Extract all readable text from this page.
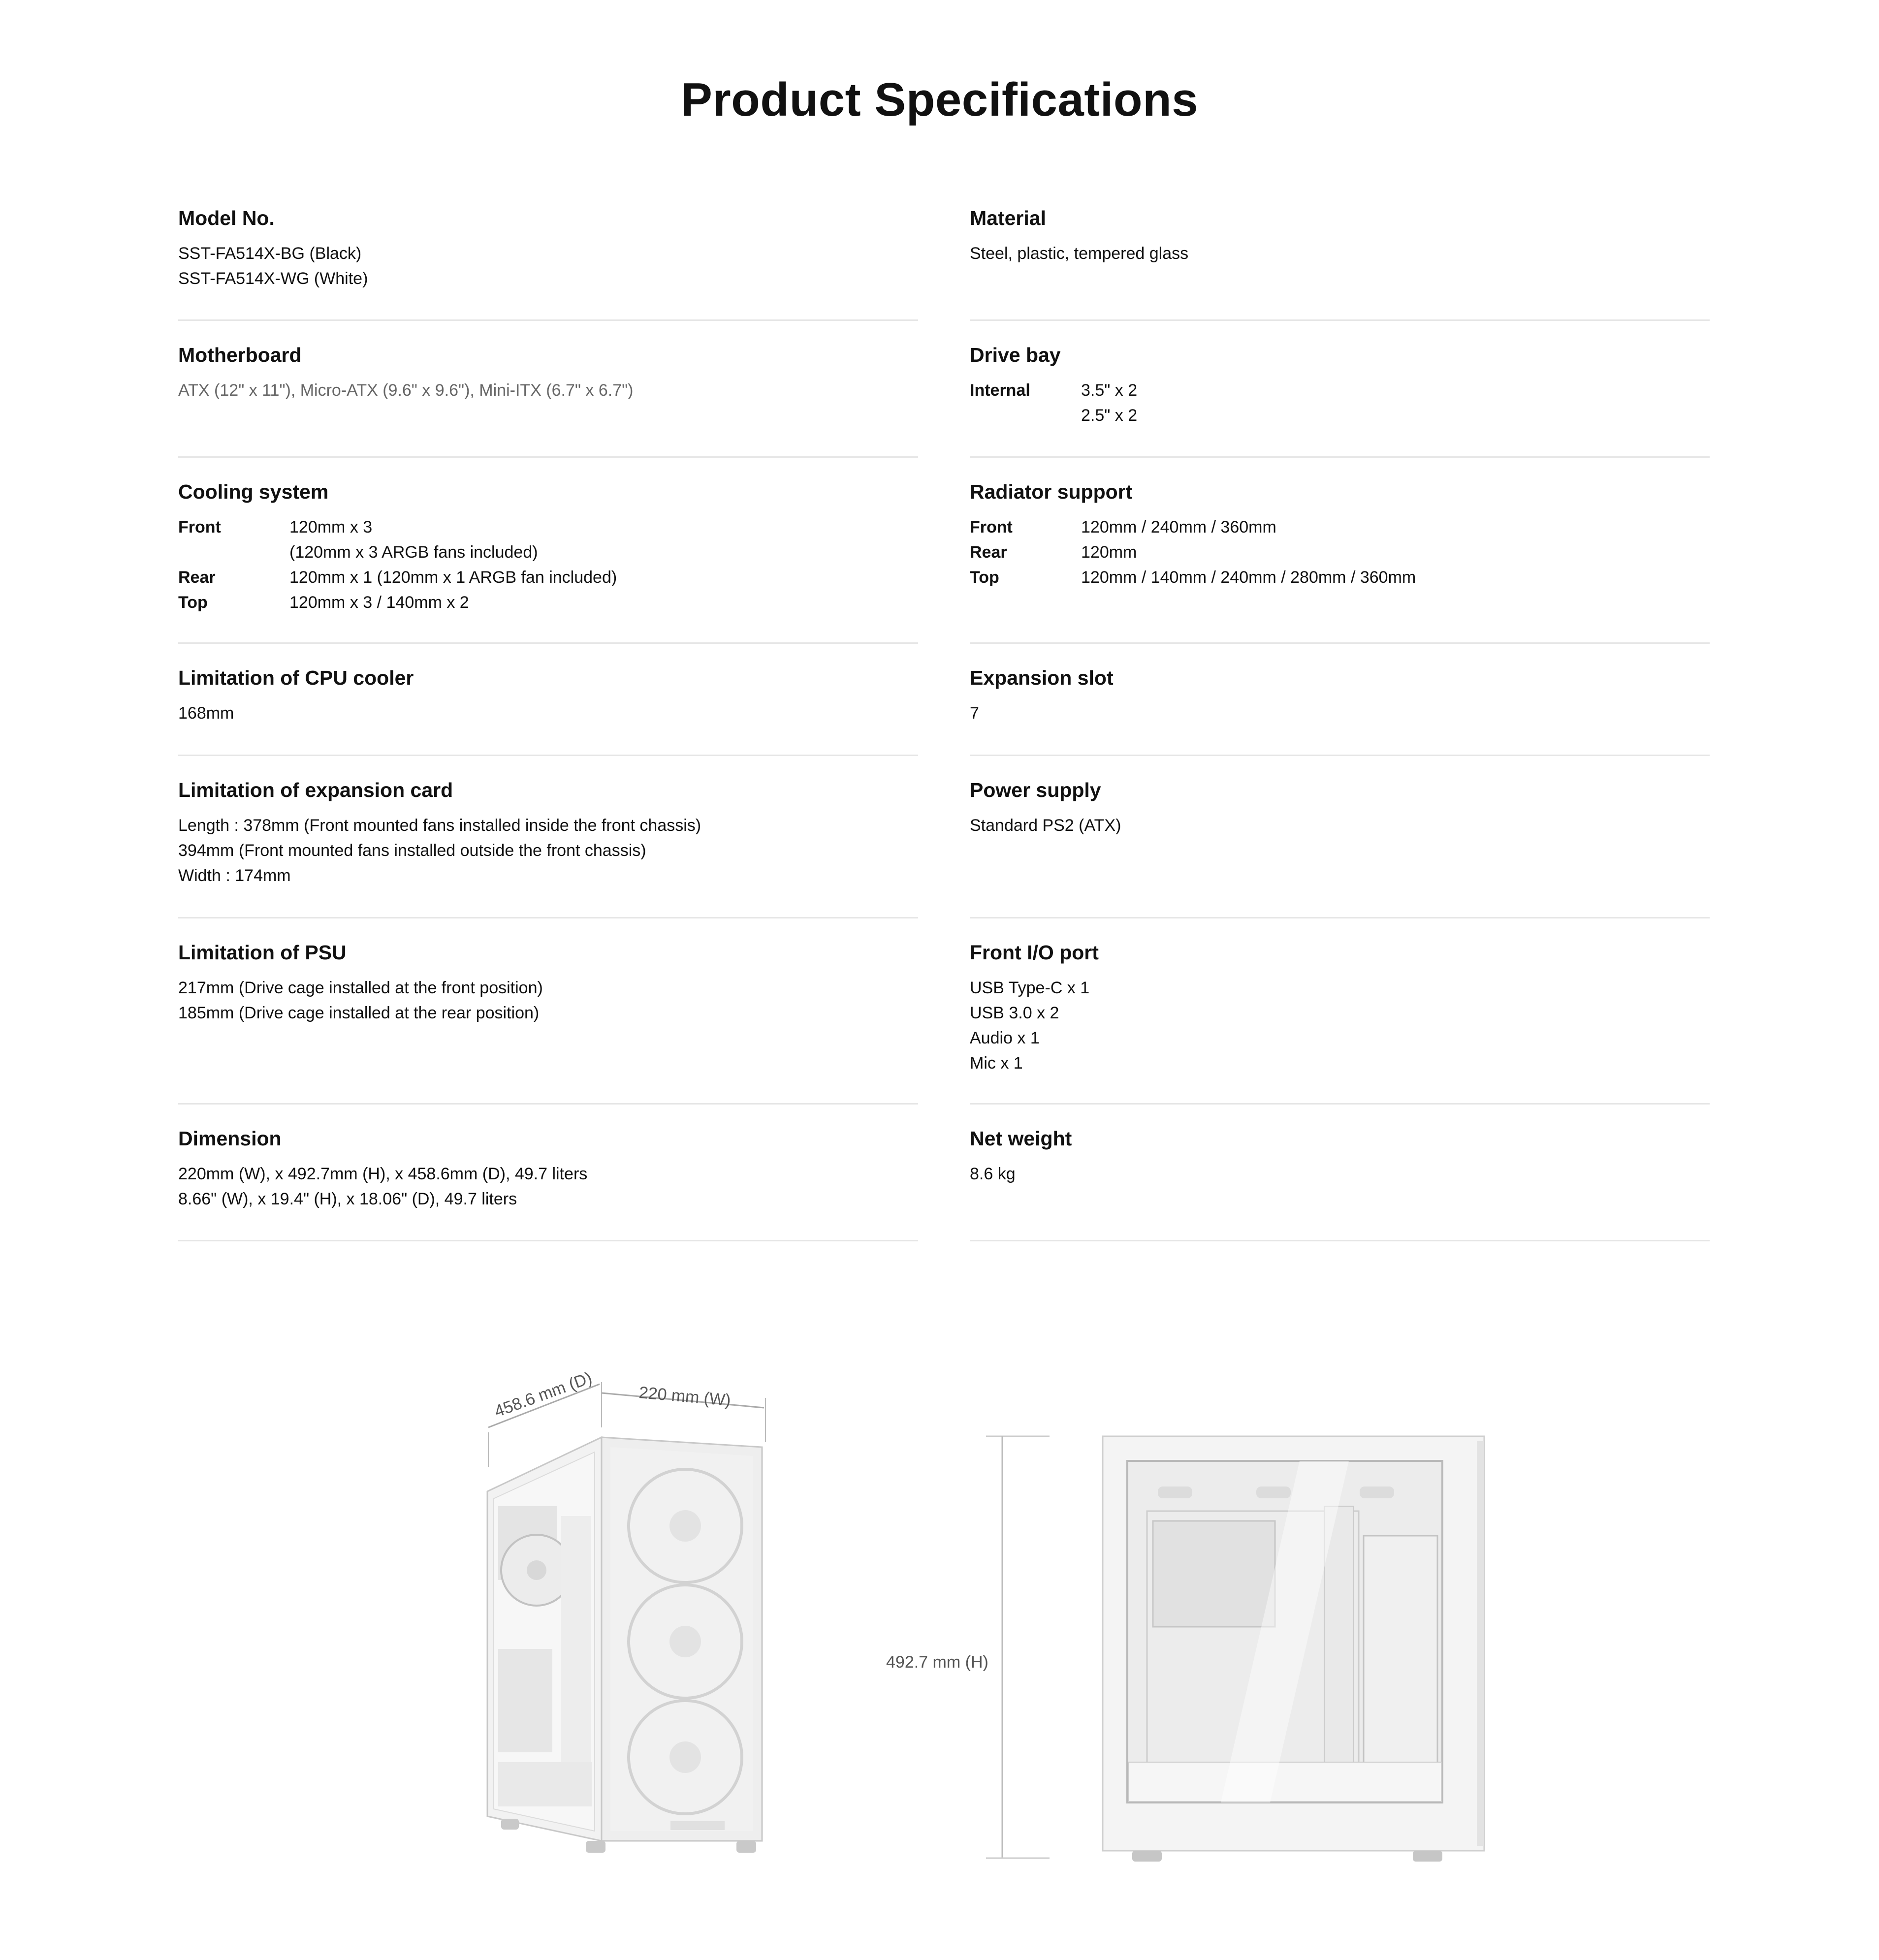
Product Specifications
Model No.
SST-FA514X-BG (Black)
SST-FA514X-WG (White)
Motherboard
ATX (12" x 11"), Micro-ATX (9.6" x 9.6"), Mini-ITX (6.7" x 6.7")
Cooling system
Front	120mm x 3
(120mm x 3 ARGB fans included)
Rear	120mm x 1 (120mm x 1 ARGB fan included)
Top	120mm x 3 / 140mm x 2
Limitation of CPU cooler
168mm
Limitation of expansion card
Length : 378mm (Front mounted fans installed inside the front chassis)
394mm (Front mounted fans installed outside the front chassis)
Width : 174mm
Limitation of PSU
217mm (Drive cage installed at the front position)
185mm (Drive cage installed at the rear position)
Dimension
220mm (W), x 492.7mm (H), x 458.6mm (D), 49.7 liters
8.66" (W), x 19.4" (H), x 18.06" (D), 49.7 liters
Material
Steel, plastic, tempered glass
Drive bay
Internal	3.5" x 2
2.5" x 2
Radiator support
Front	120mm / 240mm / 360mm
Rear	120mm
Top	120mm / 140mm / 240mm / 280mm / 360mm
Expansion slot
7
Power supply
Standard PS2 (ATX)
Front I/O port
USB Type-C x 1
USB 3.0 x 2
Audio x 1
Mic x 1
Net weight
8.6 kg
458.6 mm (D)	220 mm (W)
492.7 mm (H)
